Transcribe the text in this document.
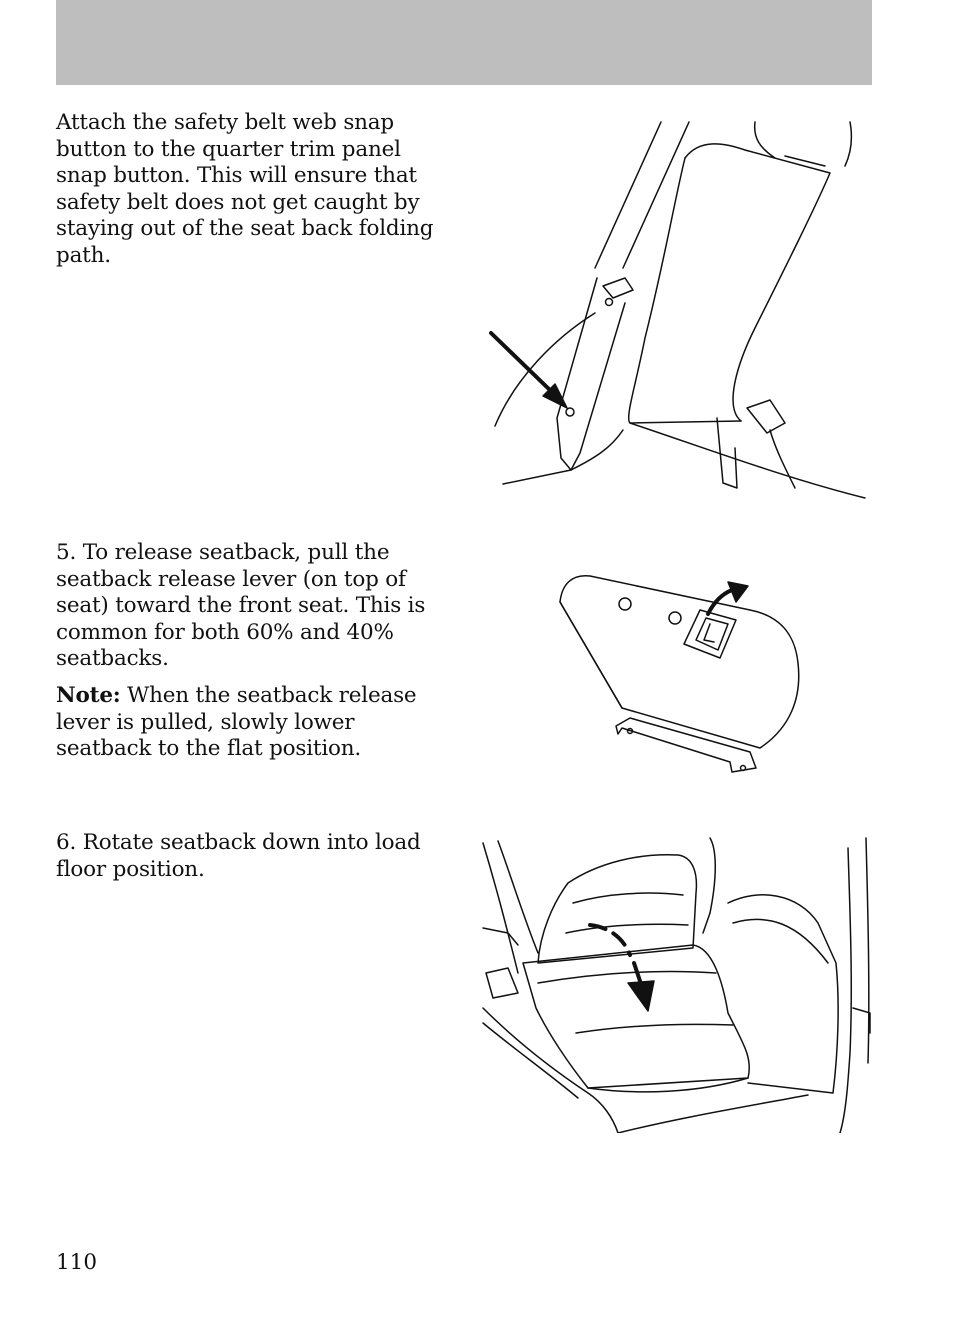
Attach the safety belt web snap button to the quarter trim panel snap button. This will ensure that safety belt does not get caught by staying out of the seat back folding path.

5. To release seatback, pull the seatback release lever (on top of seat) toward the front seat. This is common for both 60% and 40% seatbacks.

Note: When the seatback release lever is pulled, slowly lower seatback to the flat position.

6. Rotate seatback down into load floor position.

110
